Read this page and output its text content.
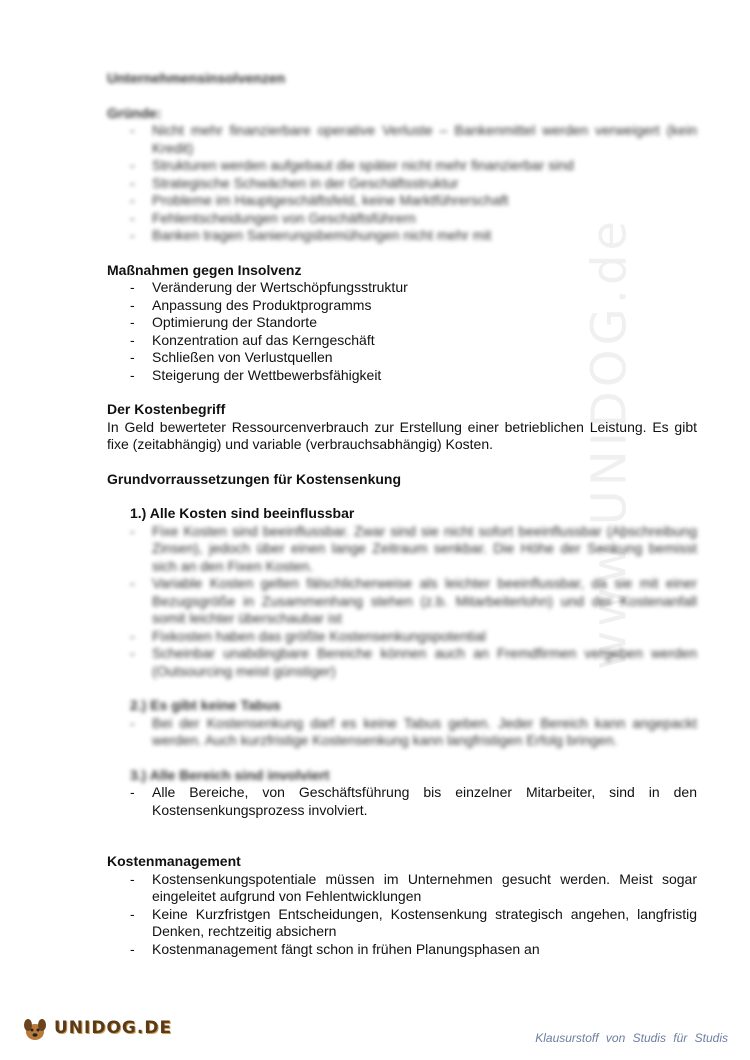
www.UNIDOG.de

Unternehmensinsolvenzen

Gründe:

- Nicht mehr finanzierbare operative Verluste – Bankenmittel werden verweigert (kein Kredit)
- Strukturen werden aufgebaut die später nicht mehr finanzierbar sind
- Strategische Schwächen in der Geschäftsstruktur
- Probleme im Hauptgeschäftsfeld, keine Marktführerschaft
- Fehlentscheidungen von Geschäftsführern
- Banken tragen Sanierungsbemühungen nicht mehr mit

Maßnahmen gegen Insolvenz

- Veränderung der Wertschöpfungsstruktur
- Anpassung des Produktprogramms
- Optimierung der Standorte
- Konzentration auf das Kerngeschäft
- Schließen von Verlustquellen
- Steigerung der Wettbewerbsfähigkeit

Der Kostenbegriff

In Geld bewerteter Ressourcenverbrauch zur Erstellung einer betrieblichen Leistung. Es gibt fixe (zeitabhängig) und variable (verbrauchsabhängig) Kosten.

Grundvorraussetzungen für Kostensenkung

1.) Alle Kosten sind beeinflussbar
- Fixe Kosten sind beeinflussbar. Zwar sind sie nicht sofort beeinflussbar (Abschreibung Zinsen), jedoch über einen lange Zeitraum senkbar. Die Höhe der Senkung bemisst sich an den Fixen Kosten.
- Variable Kosten gelten fälschlicherweise als leichter beeinflussbar, da sie mit einer Bezugsgröße in Zusammenhang stehen (z.b. Mitarbeiterlohn) und der Kostenanfall somit leichter überschaubar ist
- Fixkosten haben das größte Kostensenkungspotential
- Scheinbar unabdingbare Bereiche können auch an Fremdfirmen vergeben werden (Outsourcing meist günstiger)
2.) Es gibt keine Tabus
- Bei der Kostensenkung darf es keine Tabus geben. Jeder Bereich kann angepackt werden. Auch kurzfristige Kostensenkung kann langfristigen Erfolg bringen.
3.) Alle Bereich sind involviert
- Alle Bereiche, von Geschäftsführung bis einzelner Mitarbeiter, sind in den Kostensenkungsprozess involviert.

Kostenmanagement

- Kostensenkungspotentiale müssen im Unternehmen gesucht werden. Meist sogar eingeleitet aufgrund von Fehlentwicklungen
- Keine Kurzfristgen Entscheidungen, Kostensenkung strategisch angehen, langfristig Denken, rechtzeitig absichern
- Kostenmanagement fängt schon in frühen Planungsphasen an
UNIDOG.DE	Klausurstoff von Studis für Studis
